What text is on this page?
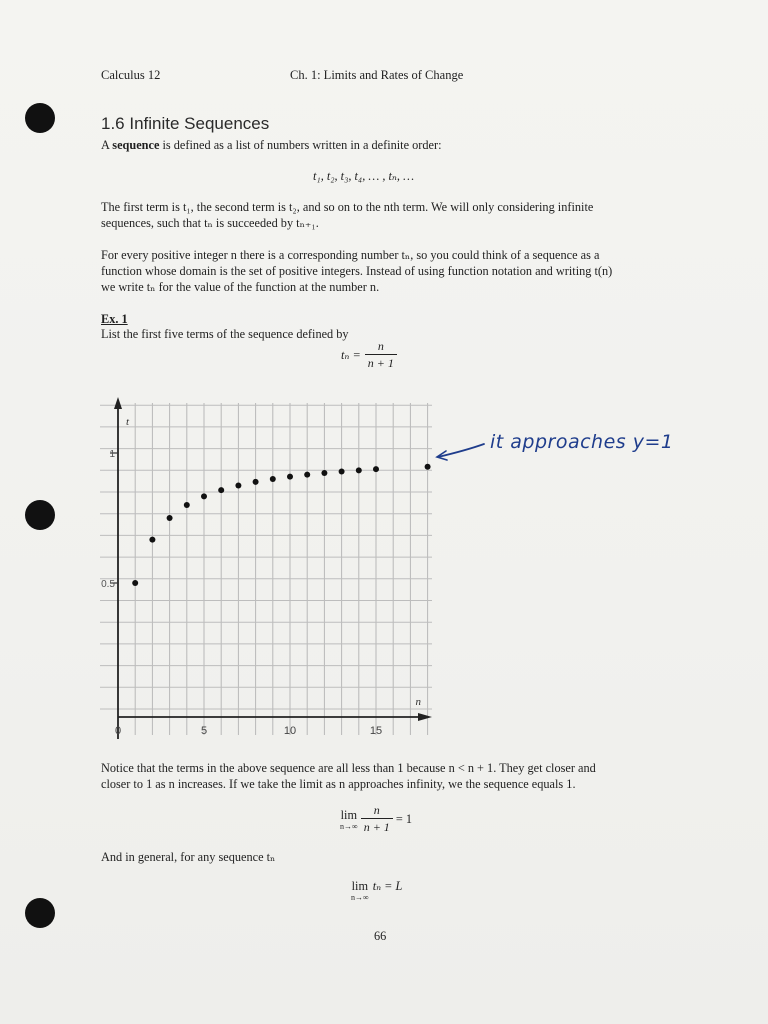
Calculus 12	Ch. 1: Limits and Rates of Change
1.6 Infinite Sequences
A sequence is defined as a list of numbers written in a definite order:
t₁, t₂, t₃, t₄, … , tₙ, …
The first term is t₁, the second term is t₂, and so on to the nth term. We will only considering infinite
sequences, such that tₙ is succeeded by tₙ₊₁.
For every positive integer n there is a corresponding number tₙ, so you could think of a sequence as a
function whose domain is the set of positive integers. Instead of using function notation and writing t(n)
we write tₙ for the value of the function at the number n.
Ex. 1
List the first five terms of the sequence defined by
$t_n = \frac{n}{n + 1}$
t
n
0	5	10	15
0.5
1
it approaches y=1
Notice that the terms in the above sequence are all less than 1 because n < n + 1. They get closer and
closer to 1 as n increases. If we take the limit as n approaches infinity, we the sequence equals 1.
lim
$n\to\infty \frac{n}{n + 1} = 1$
And in general, for any sequence tₙ
lim
n→∞
tₙ = L
66
